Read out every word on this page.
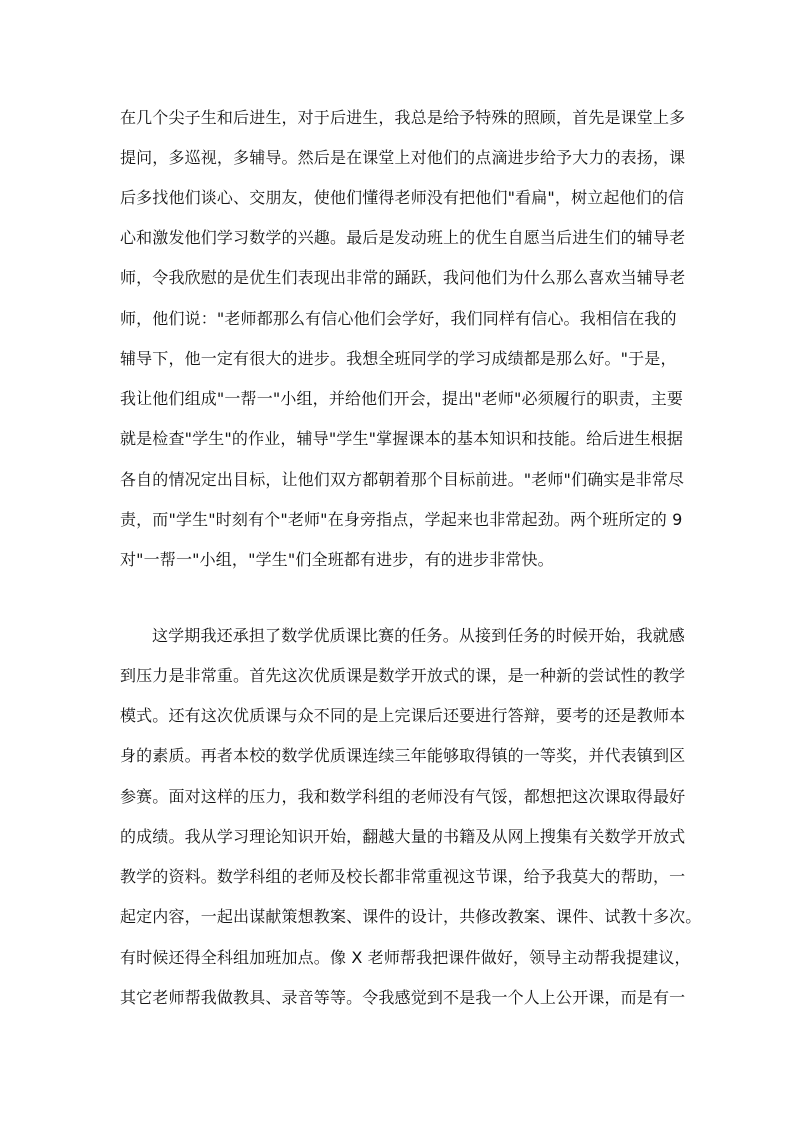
在几个尖子生和后进生，对于后进生，我总是给予特殊的照顾，首先是课堂上多
提问，多巡视，多辅导。然后是在课堂上对他们的点滴进步给予大力的表扬，课
后多找他们谈心、交朋友，使他们懂得老师没有把他们"看扁"，树立起他们的信
心和激发他们学习数学的兴趣。最后是发动班上的优生自愿当后进生们的辅导老
师，令我欣慰的是优生们表现出非常的踊跃，我问他们为什么那么喜欢当辅导老
师，他们说："老师都那么有信心他们会学好，我们同样有信心。我相信在我的
辅导下，他一定有很大的进步。我想全班同学的学习成绩都是那么好。"于是，
我让他们组成"一帮一"小组，并给他们开会，提出"老师"必须履行的职责，主要
就是检查"学生"的作业，辅导"学生"掌握课本的基本知识和技能。给后进生根据
各自的情况定出目标，让他们双方都朝着那个目标前进。"老师"们确实是非常尽
责，而"学生"时刻有个"老师"在身旁指点，学起来也非常起劲。两个班所定的 9
对"一帮一"小组，"学生"们全班都有进步，有的进步非常快。
这学期我还承担了数学优质课比赛的任务。从接到任务的时候开始，我就感
到压力是非常重。首先这次优质课是数学开放式的课，是一种新的尝试性的教学
模式。还有这次优质课与众不同的是上完课后还要进行答辩，要考的还是教师本
身的素质。再者本校的数学优质课连续三年能够取得镇的一等奖，并代表镇到区
参赛。面对这样的压力，我和数学科组的老师没有气馁，都想把这次课取得最好
的成绩。我从学习理论知识开始，翻越大量的书籍及从网上搜集有关数学开放式
教学的资料。数学科组的老师及校长都非常重视这节课，给予我莫大的帮助，一
起定内容，一起出谋献策想教案、课件的设计，共修改教案、课件、试教十多次。
有时候还得全科组加班加点。像 X 老师帮我把课件做好，领导主动帮我提建议，
其它老师帮我做教具、录音等等。令我感觉到不是我一个人上公开课，而是有一
